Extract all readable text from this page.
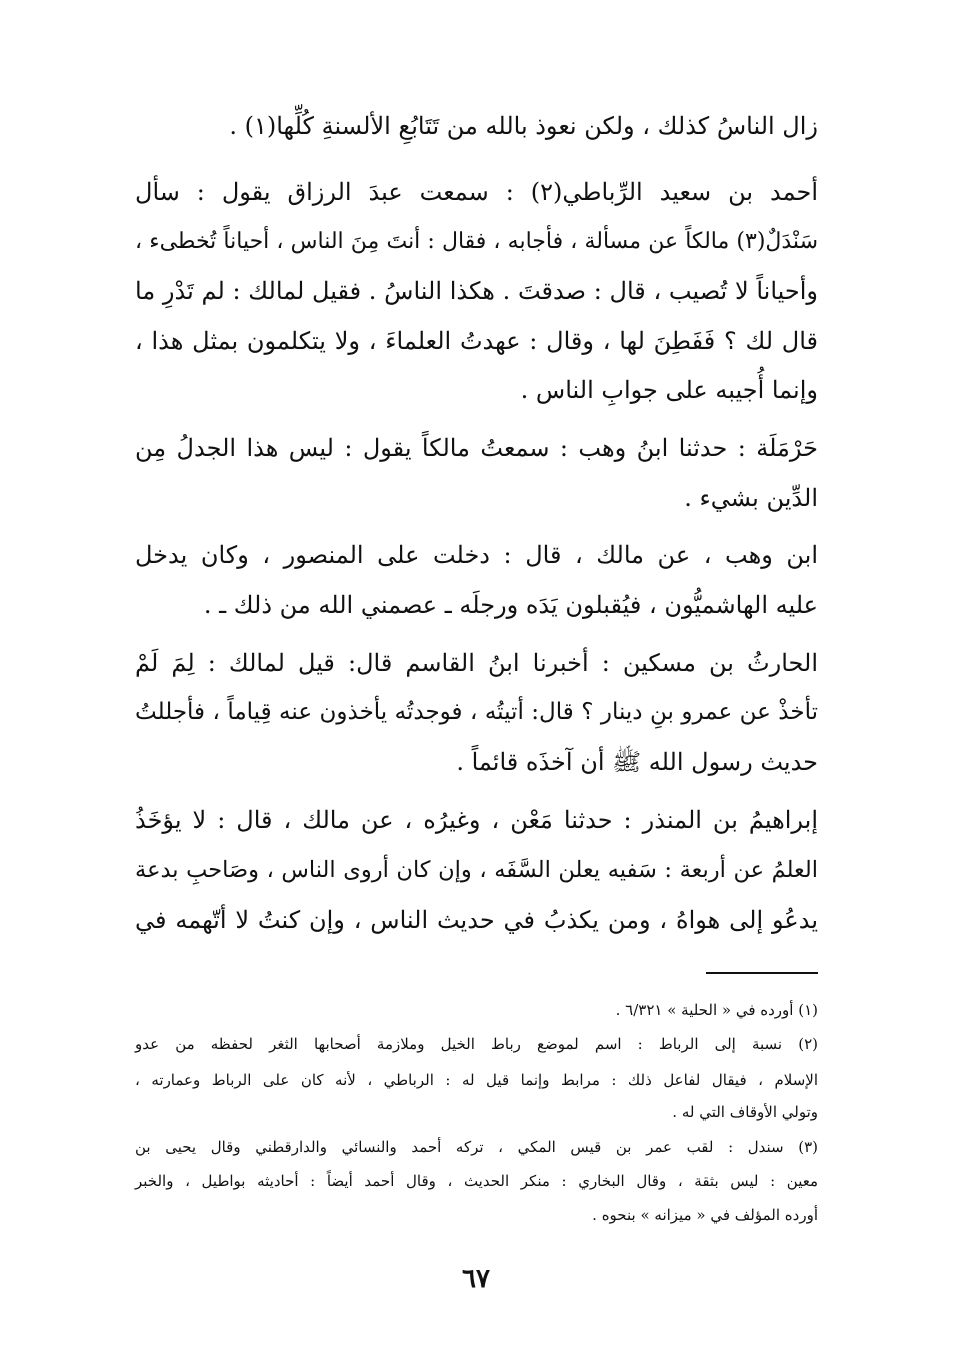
زال الناسُ كذلك ، ولكن نعوذ بالله من تَتَابُعِ الألسنةِ كُلِّها(١) .
أحمد بن سعيد الرِّباطي(٢) : سمعت عبدَ الرزاق يقول : سأل
سَنْدَلٌ(٣) مالكاً عن مسألة ، فأجابه ، فقال : أنتَ مِنَ الناس ، أحياناً تُخطىء ،
وأحياناً لا تُصيب ، قال : صدقتَ . هكذا الناسُ . فقيل لمالك : لم تَدْرِ ما
قال لك ؟ فَفَطِنَ لها ، وقال : عهدتُ العلماءَ ، ولا يتكلمون بمثل هذا ،
وإنما أُجيبه على جوابِ الناس .
حَرْمَلَة : حدثنا ابنُ وهب : سمعتُ مالكاً يقول : ليس هذا الجدلُ مِن
الدِّين بشيء .
ابن وهب ، عن مالك ، قال : دخلت على المنصور ، وكان يدخل
عليه الهاشميُّون ، فيُقبلون يَدَه ورجلَه ـ عصمني الله من ذلك ـ .
الحارثُ بن مسكين : أخبرنا ابنُ القاسم قال: قيل لمالك : لِمَ لَمْ
تأخذْ عن عمرو بنِ دينار ؟ قال: أتيتُه ، فوجدتُه يأخذون عنه قِياماً ، فأجللتُ
حديث رسول الله ﷺ أن آخذَه قائماً .
إبراهيمُ بن المنذر : حدثنا مَعْن ، وغيرُه ، عن مالك ، قال : لا يؤخَذُ
العلمُ عن أربعة : سَفيه يعلن السَّفَه ، وإن كان أروى الناس ، وصَاحبِ بدعة
يدعُو إلى هواهُ ، ومن يكذبُ في حديث الناس ، وإن كنتُ لا أتّهمه في
(١) أورده في « الحلية » ٦/٣٢١ .
(٢) نسبة إلى الرباط : اسم لموضع رباط الخيل وملازمة أصحابها الثغر لحفظه من عدو
الإسلام ، فيقال لفاعل ذلك : مرابط وإنما قيل له : الرباطي ، لأنه كان على الرباط وعمارته ،
وتولي الأوقاف التي له .
(٣) سندل : لقب عمر بن قيس المكي ، تركه أحمد والنسائي والدارقطني وقال يحيى بن
معين : ليس بثقة ، وقال البخاري : منكر الحديث ، وقال أحمد أيضاً : أحاديثه بواطيل ، والخبر
أورده المؤلف في « ميزانه » بنحوه .
٦٧
